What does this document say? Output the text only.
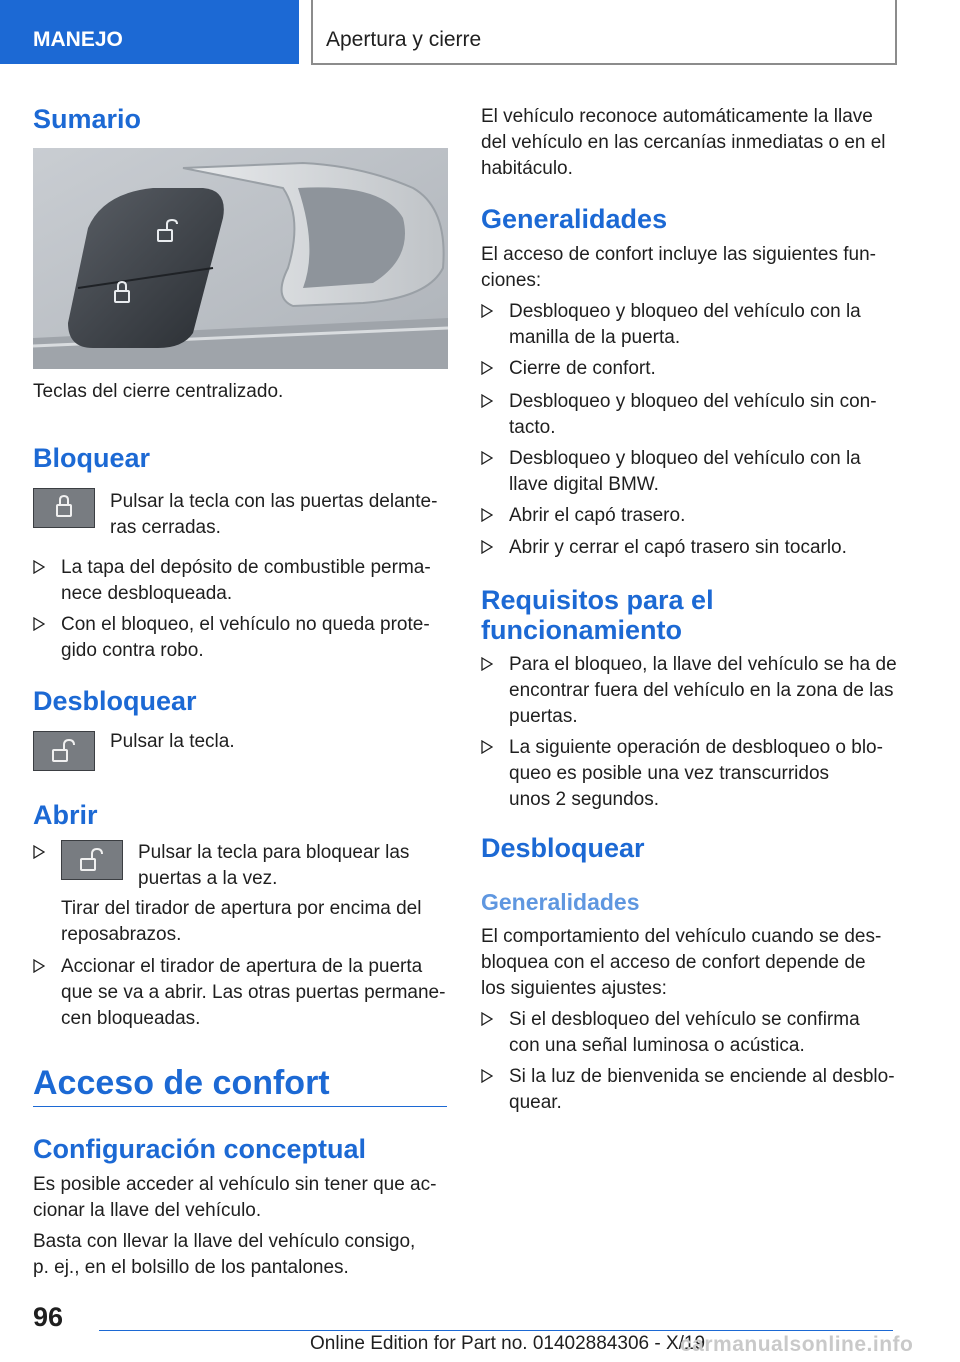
MANEJO	Apertura y cierre
Sumario
Teclas del cierre centralizado.
Bloquear
Pulsar la tecla con las puertas delante-
ras cerradas.
La tapa del depósito de combustible perma-
nece desbloqueada.
Con el bloqueo, el vehículo no queda prote-
gido contra robo.
Desbloquear
Pulsar la tecla.
Abrir
Pulsar la tecla para bloquear las
puertas a la vez.
Tirar del tirador de apertura por encima del
reposabrazos.
Accionar el tirador de apertura de la puerta
que se va a abrir. Las otras puertas permane-
cen bloqueadas.
Acceso de confort
Configuración conceptual
Es posible acceder al vehículo sin tener que ac-
cionar la llave del vehículo.
Basta con llevar la llave del vehículo consigo,
p. ej., en el bolsillo de los pantalones.
El vehículo reconoce automáticamente la llave
del vehículo en las cercanías inmediatas o en el
habitáculo.
Generalidades
El acceso de confort incluye las siguientes fun-
ciones:
Desbloqueo y bloqueo del vehículo con la
manilla de la puerta.
Cierre de confort.
Desbloqueo y bloqueo del vehículo sin con-
tacto.
Desbloqueo y bloqueo del vehículo con la
llave digital BMW.
Abrir el capó trasero.
Abrir y cerrar el capó trasero sin tocarlo.
Requisitos para el
funcionamiento
Para el bloqueo, la llave del vehículo se ha de
encontrar fuera del vehículo en la zona de las
puertas.
La siguiente operación de desbloqueo o blo-
queo es posible una vez transcurridos
unos 2 segundos.
Desbloquear
Generalidades
El comportamiento del vehículo cuando se des-
bloquea con el acceso de confort depende de
los siguientes ajustes:
Si el desbloqueo del vehículo se confirma
con una señal luminosa o acústica.
Si la luz de bienvenida se enciende al desblo-
quear.
96
Online Edition for Part no. 01402884306 - X/19
carmanualsonline.info
